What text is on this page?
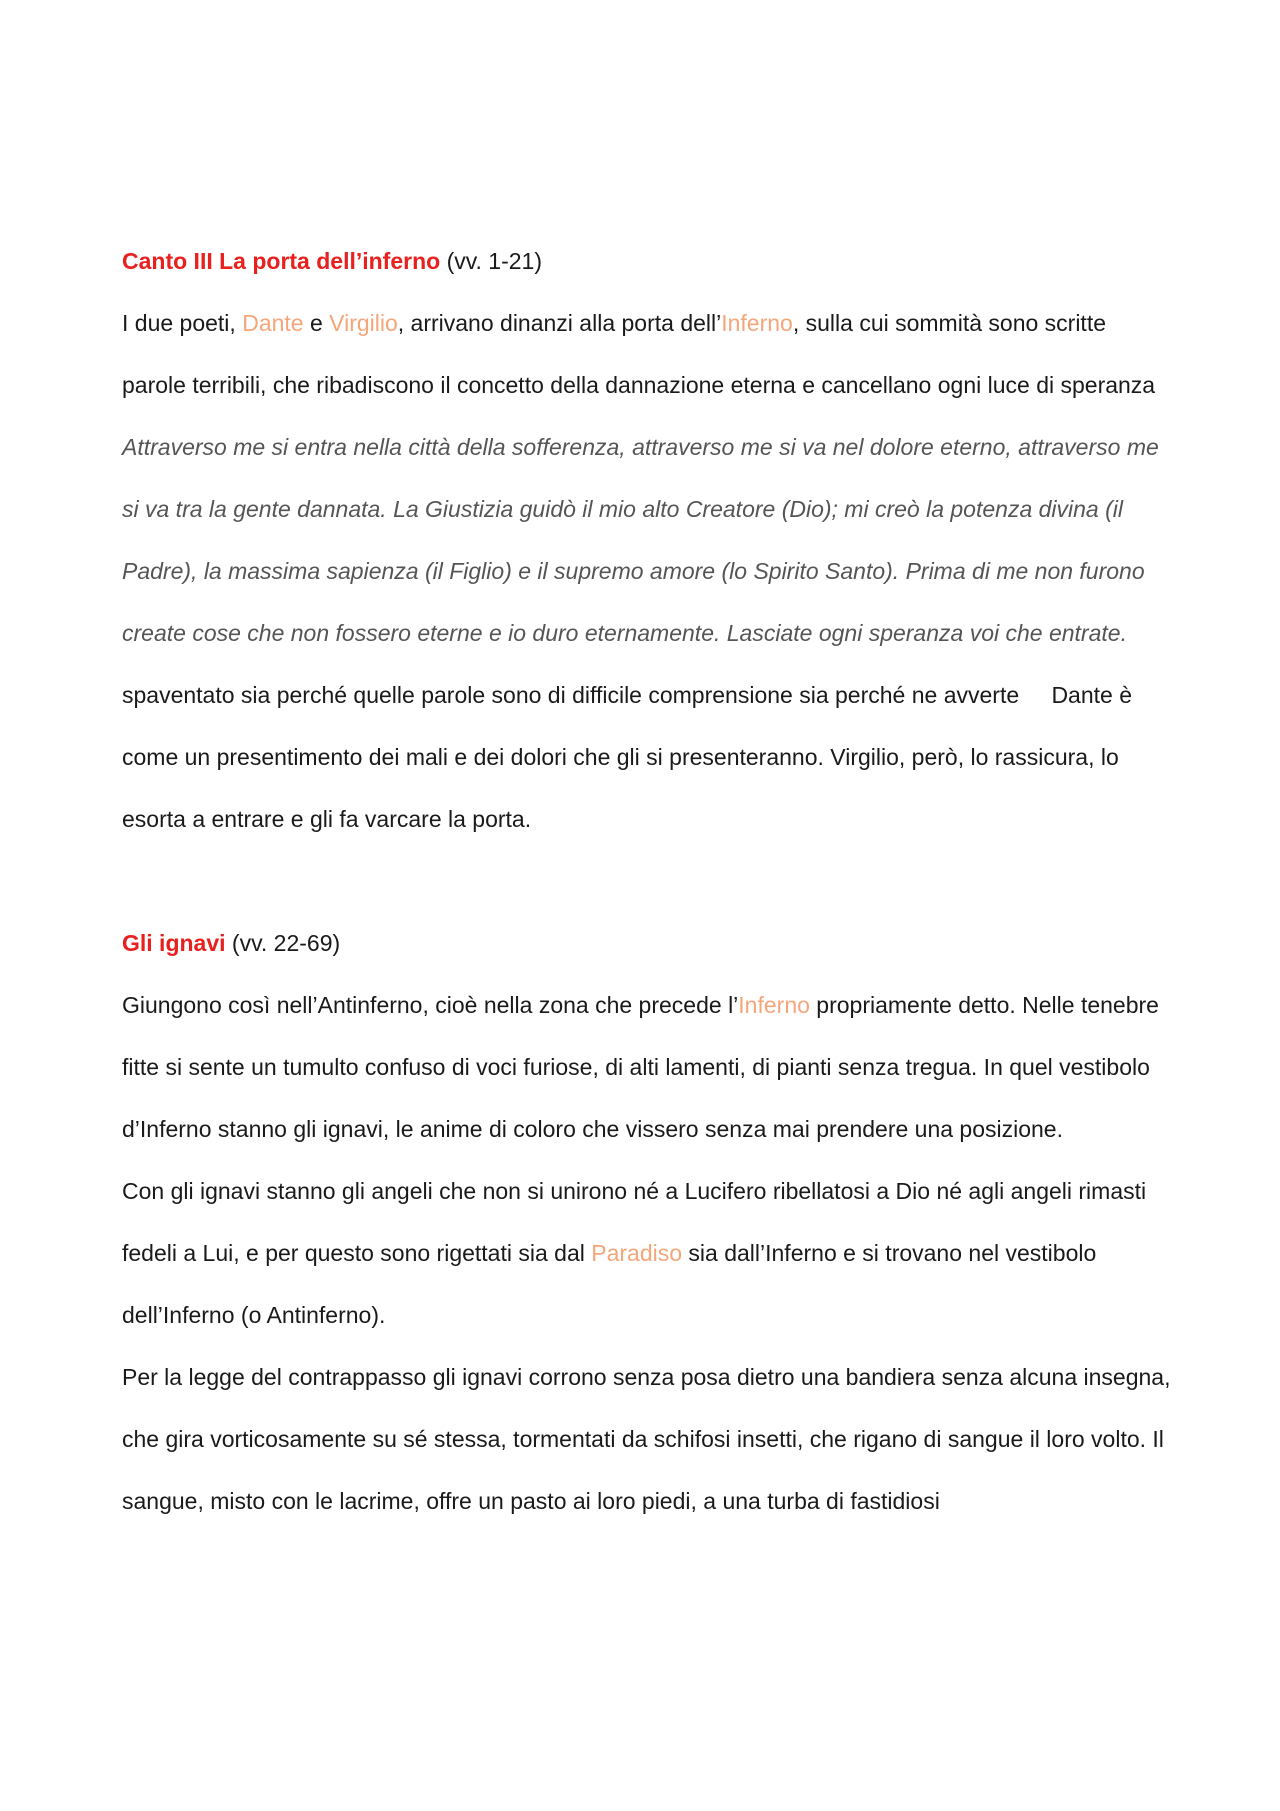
Canto III La porta dell’inferno (vv. 1-21)

I due poeti, Dante e Virgilio, arrivano dinanzi alla porta dell’Inferno, sulla cui sommità sono scritte parole terribili, che ribadiscono il concetto della dannazione eterna e cancellano ogni luce di speranza

Attraverso me si entra nella città della sofferenza, attraverso me si va nel dolore eterno, attraverso me si va tra la gente dannata. La Giustizia guidò il mio alto Creatore (Dio); mi creò la potenza divina (il Padre), la massima sapienza (il Figlio) e il supremo amore (lo Spirito Santo). Prima di me non furono create cose che non fossero eterne e io duro eternamente. Lasciate ogni speranza voi che entrate.
Dante è

spaventato sia perché quelle parole sono di difficile comprensione sia perché ne avverte come un presentimento dei mali e dei dolori che gli si presenteranno. Virgilio, però, lo rassicura, lo esorta a entrare e gli fa varcare la porta.

Gli ignavi (vv. 22-69)

Giungono così nell’Antinferno, cioè nella zona che precede l’Inferno propriamente detto. Nelle tenebre fitte si sente un tumulto confuso di voci furiose, di alti lamenti, di pianti senza tregua. In quel vestibolo d’Inferno stanno gli ignavi, le anime di coloro che vissero senza mai prendere una posizione.

Con gli ignavi stanno gli angeli che non si unirono né a Lucifero ribellatosi a Dio né agli angeli rimasti fedeli a Lui, e per questo sono rigettati sia dal Paradiso sia dall’Inferno e si trovano nel vestibolo dell’Inferno (o Antinferno).

Per la legge del contrappasso gli ignavi corrono senza posa dietro una bandiera senza alcuna insegna, che gira vorticosamente su sé stessa, tormentati da schifosi insetti, che rigano di sangue il loro volto. Il sangue, misto con le lacrime, offre un pasto ai loro piedi, a una turba di fastidiosi
